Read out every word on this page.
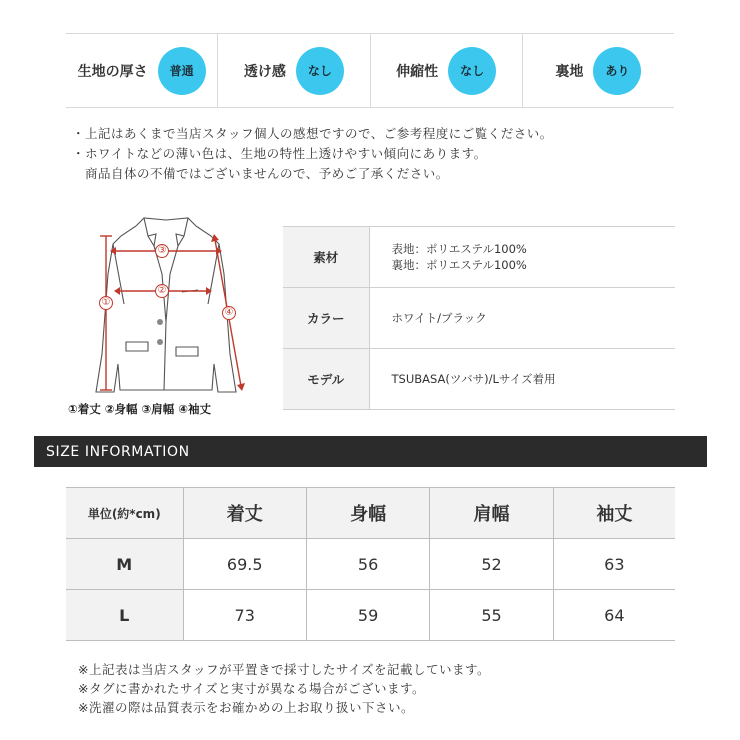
生地の厚さ	普通	透け感	なし	伸縮性	なし	裏地	あり
・上記はあくまで当店スタッフ個人の感想ですので、ご参考程度にご覧ください。
・ホワイトなどの薄い色は、生地の特性上透けやすい傾向にあります。
　商品自体の不備ではございませんので、予めご了承ください。
①
②
③
④
①着丈 ②身幅 ③肩幅 ④袖丈
素材	表地：ポリエステル100%
裏地：ポリエステル100%

カラー	ホワイト/ブラック

モデル	TSUBASA(ツバサ)/Lサイズ着用
SIZE INFORMATION
単位(約*cm)	着丈	身幅	肩幅	袖丈
M	69.5	56	52	63
L	73	59	55	64
※上記表は当店スタッフが平置きで採寸したサイズを記載しています。
※タグに書かれたサイズと実寸が異なる場合がございます。
※洗濯の際は品質表示をお確かめの上お取り扱い下さい。
